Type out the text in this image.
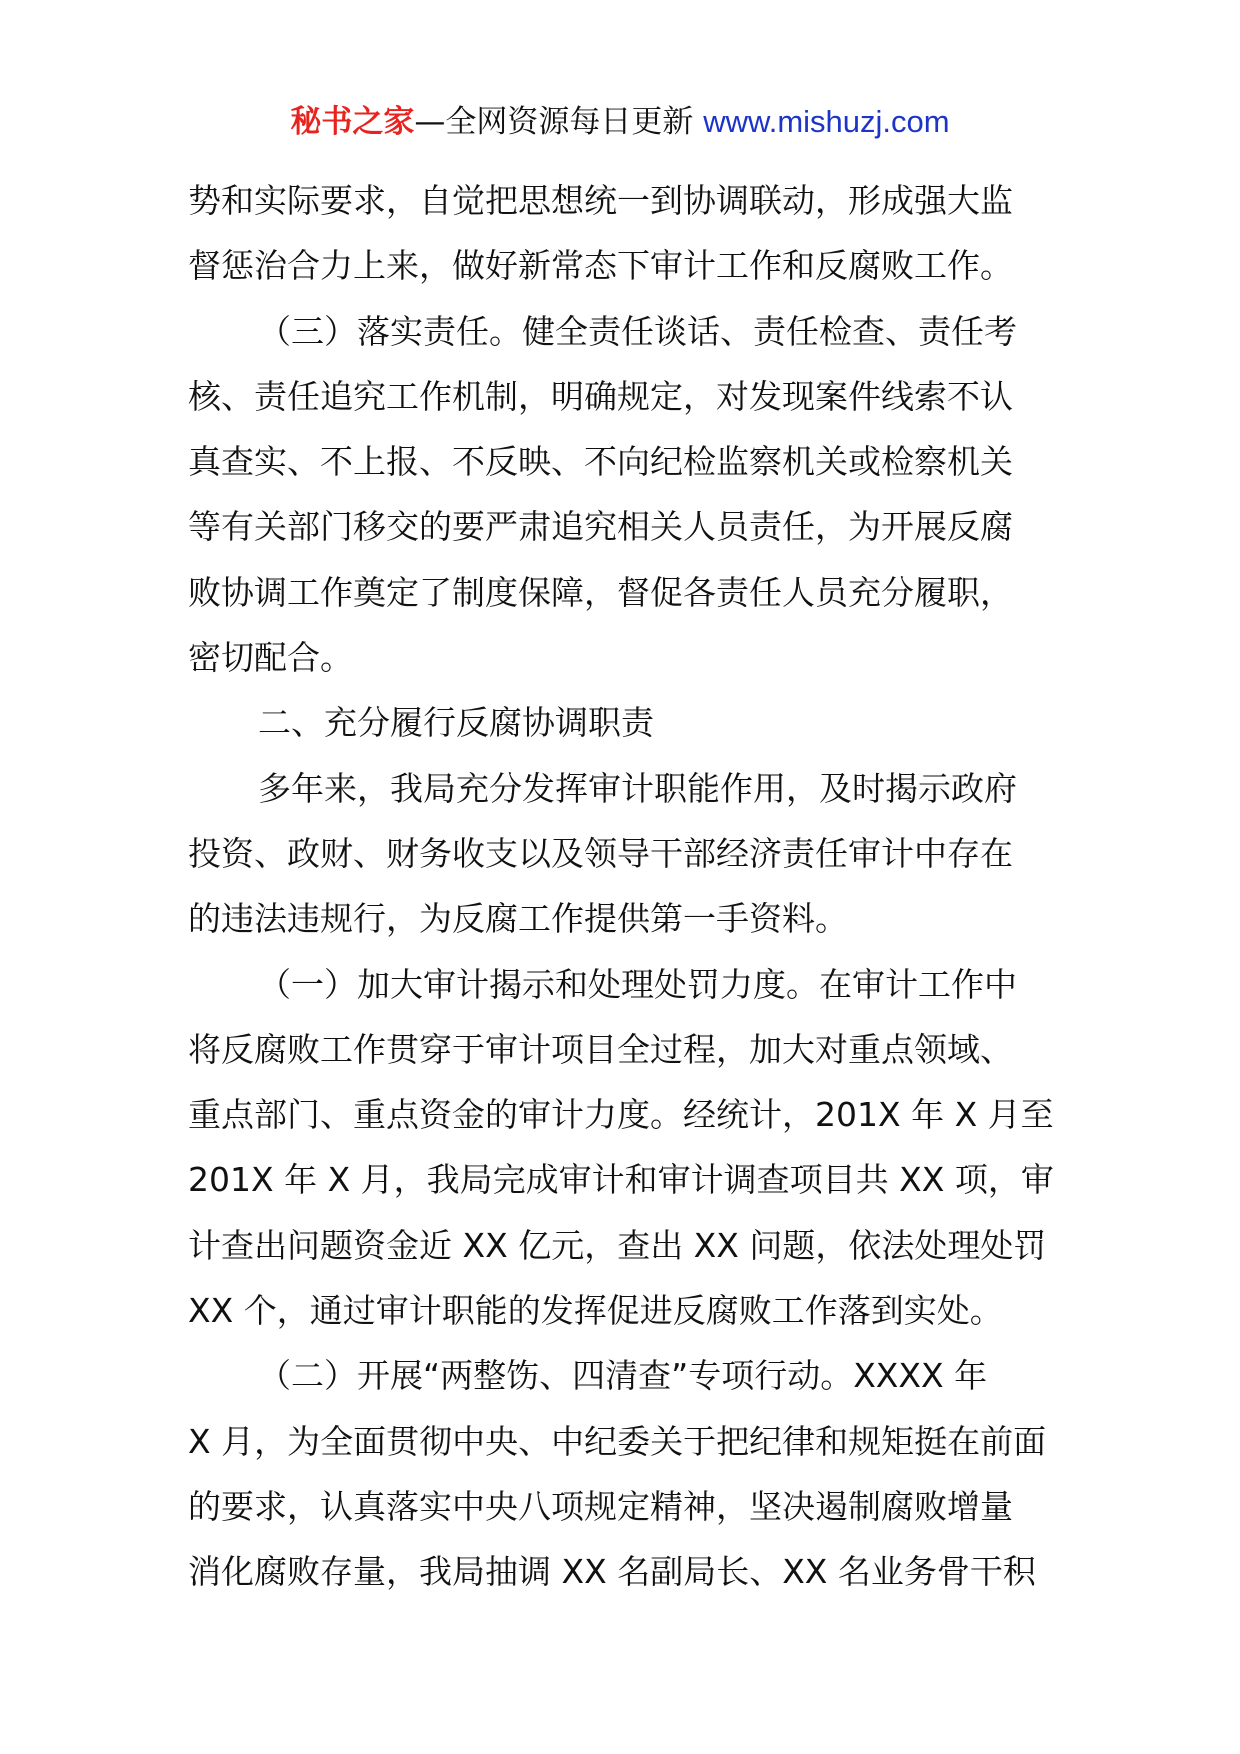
秘书之家—全网资源每日更新 www.mishuzj.com
势和实际要求，自觉把思想统一到协调联动，形成强大监
督惩治合力上来，做好新常态下审计工作和反腐败工作。
（三）落实责任。健全责任谈话、责任检查、责任考
核、责任追究工作机制，明确规定，对发现案件线索不认
真查实、不上报、不反映、不向纪检监察机关或检察机关
等有关部门移交的要严肃追究相关人员责任，为开展反腐
败协调工作奠定了制度保障，督促各责任人员充分履职，
密切配合。
二、充分履行反腐协调职责
多年来，我局充分发挥审计职能作用，及时揭示政府
投资、政财、财务收支以及领导干部经济责任审计中存在
的违法违规行，为反腐工作提供第一手资料。
（一）加大审计揭示和处理处罚力度。在审计工作中
将反腐败工作贯穿于审计项目全过程，加大对重点领域、
重点部门、重点资金的审计力度。经统计，201X 年 X 月至
201X 年 X 月，我局完成审计和审计调查项目共 XX 项，审
计查出问题资金近 XX 亿元，查出 XX 问题，依法处理处罚
XX 个，通过审计职能的发挥促进反腐败工作落到实处。
（二）开展“两整饬、四清查”专项行动。XXXX 年
X 月，为全面贯彻中央、中纪委关于把纪律和规矩挺在前面
的要求，认真落实中央八项规定精神，坚决遏制腐败增量
消化腐败存量，我局抽调 XX 名副局长、XX 名业务骨干积
